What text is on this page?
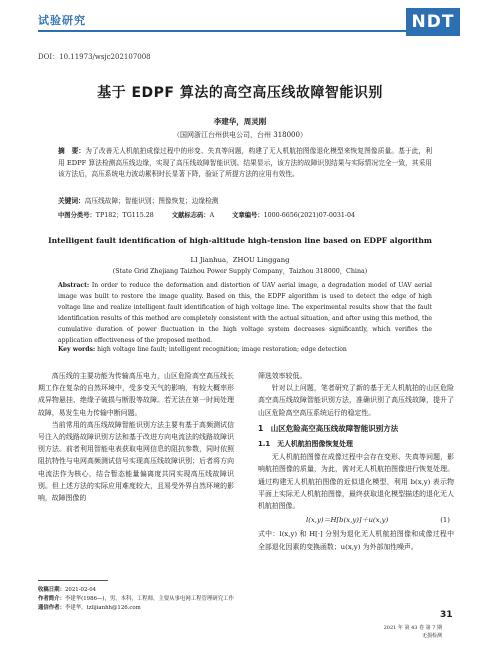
试验研究	NDT
DOI：10.11973/wsjc202107008
基于 EDPF 算法的高空高压线故障智能识别
李建华，周灵刚
（国网浙江台州供电公司，台州 318000）
摘　要：为了改善无人机航拍成像过程中的形变、失真等问题，构建了无人机航拍图像退化模型来恢复图像质量。基于此，利用 EDPF 算法检测高压线边缘，实现了高压线故障智能识别。结果显示，该方法的故障识别结果与实际情况完全一致，其采用该方法后，高压系统电力波动累积时长显著下降，验证了所提方法的应用有效性。
关键词：高压线故障；智能识别；图像恢复；边缘检测
中图分类号：TP182；TG115.28	文献标志码：A	文章编号：1000-6656(2021)07-0031-04
Intelligent fault identification of high-altitude high-tension line based on EDPF algorithm
LI Jianhua，ZHOU Linggang
(State Grid Zhejiang Taizhou Power Supply Company，Taizhou 318000，China)
Abstract: In order to reduce the deformation and distortion of UAV aerial image, a degradation model of UAV aerial image was built to restore the image quality. Based on this, the EDPF algorithm is used to detect the edge of high voltage line and realize intelligent fault identification of high voltage line. The experimental results show that the fault identification results of this method are completely consistent with the actual situation, and after using this method, the cumulative duration of power fluctuation in the high voltage system decreases significantly, which verifies the application effectiveness of the proposed method.
Key words: high voltage line fault; intelligent recognition; image restoration; edge detection

高压线的主要功能为传输高压电力，山区危险高空高压线长期工作在复杂的自然环境中，受多变天气的影响，有较大概率形成异物悬挂、绝缘子破损与断股等故障。若无法在第一时间处理故障，易发生电力传输中断问题。

当前常用的高压线故障智能识别方法主要有基于高频测试信号注入的线路故障识别方法和基于改进方向电流法的线路故障识别方法。前者利用智能电表获取电网信息的阻抗参数，同时依照阻抗特性与电网高频测试信号实现高压线故障识别；后者将方向电流法作为核心，结合暂态能量偏离度共同实现高压线故障识别。但上述方法的实际应用难度较大，且易受外界自然环境的影响，故障图像的

筛选效率较低。

针对以上问题，笔者研究了新的基于无人机航拍的山区危险高空高压线故障智能识别方法，准确识别了高压线故障，提升了山区危险高空高压系统运行的稳定性。

1　山区危险高空高压线故障智能识别方法
1.1　无人机航拍图像恢复处理

无人机航拍图像在成像过程中会存在变形、失真等问题，影响航拍图像的质量，为此，需对无人机航拍图像进行恢复处理。通过构建无人机航拍图像的近似退化模型，利用 b(x,y) 表示物平面上实际无人机航拍图像，最终获取退化模型描述的退化无人机航拍图像。

l(x,y)＝H[b(x,y)]＋u(x,y)	(1)

式中：l(x,y) 和 H[·] 分别为退化无人机航拍图像和成像过程中全部退化因素的变换函数；u(x,y) 为外部加性噪声。

收稿日期：2021-02-04
作者简介：李建华(1986—)，男，本科，工程师，主要从事电网工程管理研究工作
通信作者：李建华，tzlijianhh@126.com
31
2021 年 第 43 卷 第 7 期
无损检测
